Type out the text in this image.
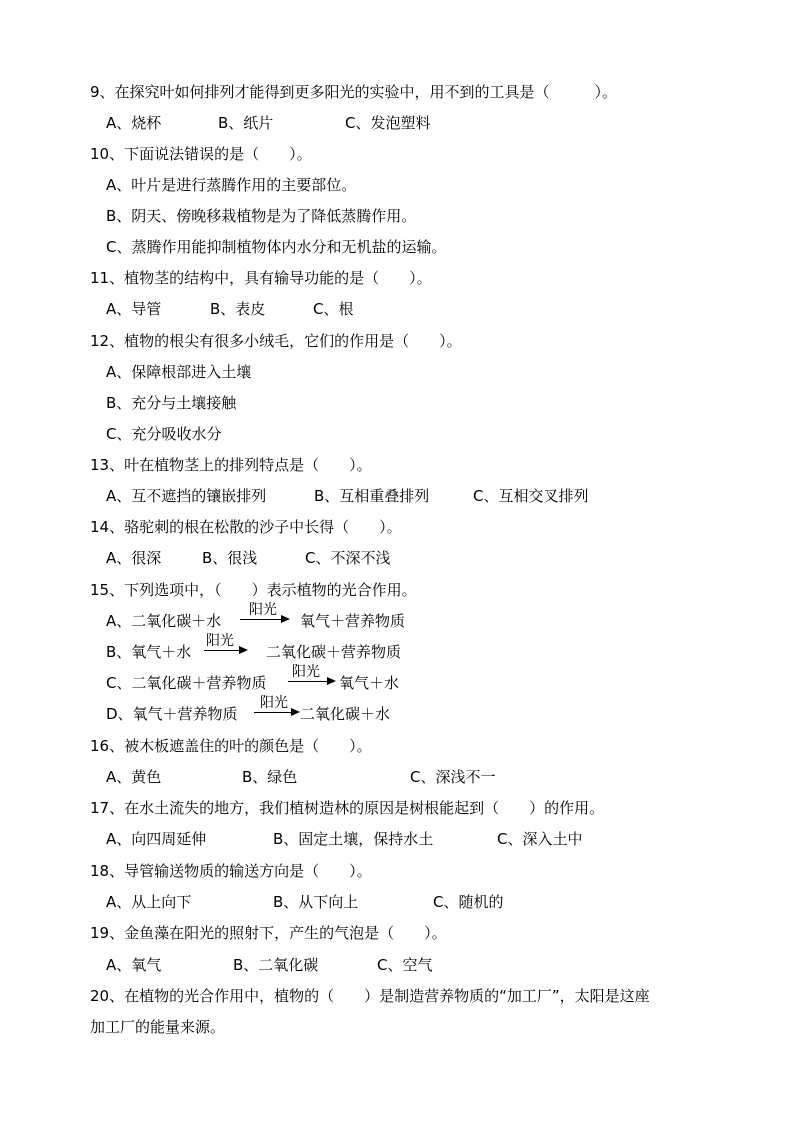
9、在探究叶如何排列才能得到更多阳光的实验中，用不到的工具是（　　　）。
A、烧杯	B、纸片	C、发泡塑料
10、下面说法错误的是（　　）。
A、叶片是进行蒸腾作用的主要部位。
B、阴天、傍晚移栽植物是为了降低蒸腾作用。
C、蒸腾作用能抑制植物体内水分和无机盐的运输。
11、植物茎的结构中，具有输导功能的是（　　）。
A、导管	B、表皮	C、根
12、植物的根尖有很多小绒毛，它们的作用是（　　）。
A、保障根部进入土壤
B、充分与土壤接触
C、充分吸收水分
13、叶在植物茎上的排列特点是（　　）。
A、互不遮挡的镶嵌排列	B、互相重叠排列	C、互相交叉排列
14、骆驼刺的根在松散的沙子中长得（　　）。
A、很深	B、很浅	C、不深不浅
15、下列选项中，（　　）表示植物的光合作用。
A、二氧化碳＋水
阳光
氧气＋营养物质
B、氧气＋水
阳光
二氧化碳＋营养物质
C、二氧化碳＋营养物质
阳光
氧气＋水
D、氧气＋营养物质
阳光
二氧化碳＋水
16、被木板遮盖住的叶的颜色是（　　）。
A、黄色	B、绿色	C、深浅不一
17、在水土流失的地方，我们植树造林的原因是树根能起到（　　）的作用。
A、向四周延伸	B、固定土壤，保持水土	C、深入土中
18、导管输送物质的输送方向是（　　）。
A、从上向下	B、从下向上	C、随机的
19、金鱼藻在阳光的照射下，产生的气泡是（　　）。
A、氧气	B、二氧化碳	C、空气
20、在植物的光合作用中，植物的（　　）是制造营养物质的“加工厂”，太阳是这座
加工厂的能量来源。
